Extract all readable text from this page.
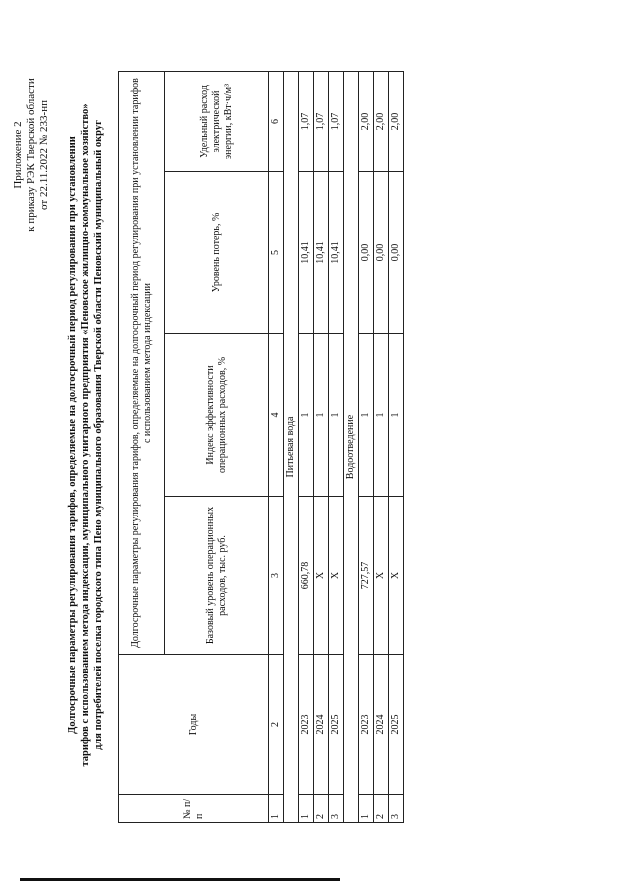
Приложение 2 к приказу РЭК Тверской области от 22.11.2022 № 233-нп Долгосрочные параметры регулирования тарифов, определяемые на долгосрочный период регулирования при установлении тарифов с использованием метода индексации, муниципального унитарного предприятия «Пеновское жилищно-коммунальное хозяйство» для потребителей поселка городского типа Пено муниципального образования Тверской области Пеновский муниципальный округ
№ п/п	Годы	Долгосрочные параметры регулирования тарифов, определяемые на долгосрочный период регулирования при установлении тарифов с использованием метода индексации			
		Базовый уровень операционных расходов, тыс. руб.	Индекс эффективности операционных расходов, %	Уровень потерь, %	Удельный расход электрической энергии, кВт·ч/м³
1	2	3	4	5	6
Питьевая вода					
1	2023	660,78	1	10,41	1,07
2	2024	Х	1	10,41	1,07
3	2025	Х	1	10,41	1,07
Водоотведение					
1	2023	727,57	1	0,00	2,00
2	2024	Х	1	0,00	2,00
3	2025	Х	1	0,00	2,00
